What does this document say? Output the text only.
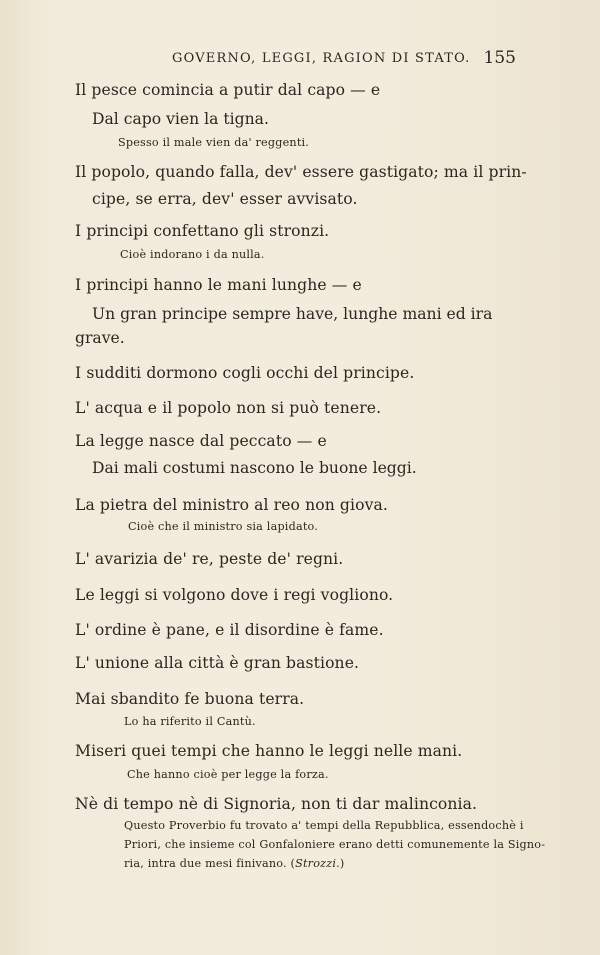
GOVERNO, LEGGI, RAGION DI STATO. 155
Il pesce comincia a putir dal capo — e
Dal capo vien la tigna.
Spesso il male vien da' reggenti.
Il popolo, quando falla, dev' essere gastigato; ma il prin-
cipe, se erra, dev' esser avvisato.
I principi confettano gli stronzi.
Cioè indorano i da nulla.
I principi hanno le mani lunghe — e
Un gran principe sempre have, lunghe mani ed ira
grave.
I sudditi dormono cogli occhi del principe.
L' acqua e il popolo non si può tenere.
La legge nasce dal peccato — e
Dai mali costumi nascono le buone leggi.
La pietra del ministro al reo non giova.
Cioè che il ministro sia lapidato.
L' avarizia de' re, peste de' regni.
Le leggi si volgono dove i regi vogliono.
L' ordine è pane, e il disordine è fame.
L' unione alla città è gran bastione.
Mai sbandito fe buona terra.
Lo ha riferito il Cantù.
Miseri quei tempi che hanno le leggi nelle mani.
Che hanno cioè per legge la forza.
Nè di tempo nè di Signoria, non ti dar malinconia.
Questo Proverbio fu trovato a' tempi della Repubblica, essendochè i
Priori, che insieme col Gonfaloniere erano detti comunemente la Signo-
ria, intra due mesi finivano. (Strozzi.)
